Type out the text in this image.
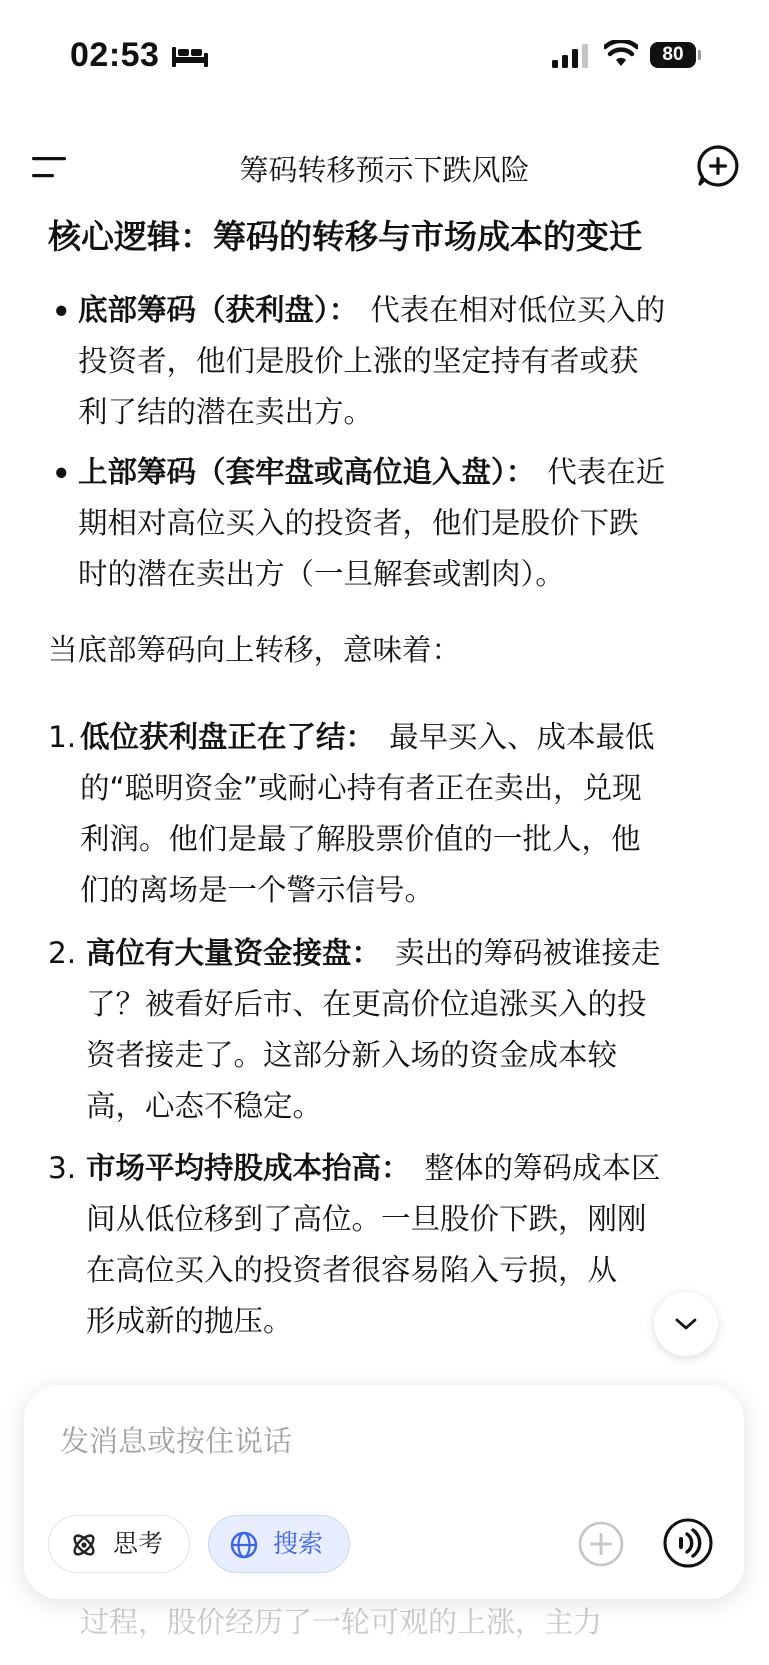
02:53	80
筹码转移预示下跌风险
核心逻辑：筹码的转移与市场成本的变迁
• 底部筹码（获利盘）： 代表在相对低位买入的
投资者，他们是股价上涨的坚定持有者或获
利了结的潜在卖出方。
• 上部筹码（套牢盘或高位追入盘）： 代表在近
期相对高位买入的投资者，他们是股价下跌
时的潜在卖出方（一旦解套或割肉）。
当底部筹码向上转移，意味着：
1. 低位获利盘正在了结： 最早买入、成本最低
的“聪明资金”或耐心持有者正在卖出，兑现
利润。他们是最了解股票价值的一批人，他
们的离场是一个警示信号。
2. 高位有大量资金接盘： 卖出的筹码被谁接走
了？被看好后市、在更高价位追涨买入的投
资者接走了。这部分新入场的资金成本较
高，心态不稳定。
3. 市场平均持股成本抬高： 整体的筹码成本区
间从低位移到了高位。一旦股价下跌，刚刚
在高位买入的投资者很容易陷入亏损，从
形成新的抛压。
过程，股价经历了一轮可观的上涨，主力
发消息或按住说话
思考	搜索
